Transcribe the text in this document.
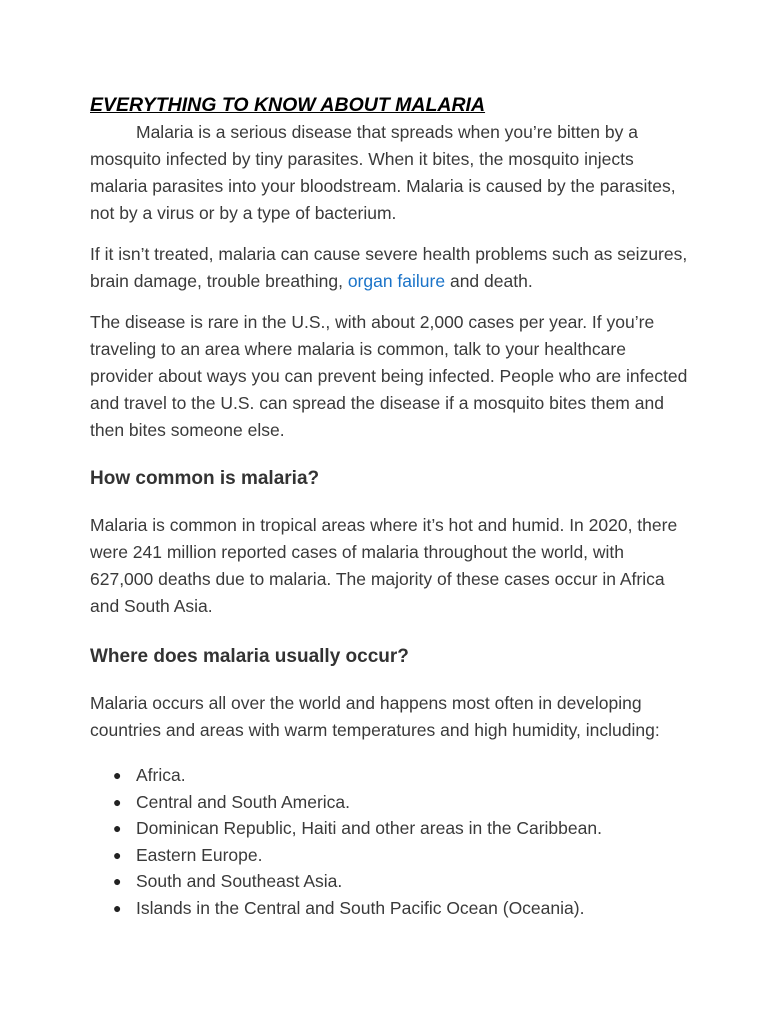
EVERYTHING TO KNOW ABOUT MALARIA

Malaria is a serious disease that spreads when you’re bitten by a mosquito infected by tiny parasites. When it bites, the mosquito injects malaria parasites into your bloodstream. Malaria is caused by the parasites, not by a virus or by a type of bacterium.

If it isn’t treated, malaria can cause severe health problems such as seizures, brain damage, trouble breathing, organ failure and death.

The disease is rare in the U.S., with about 2,000 cases per year. If you’re traveling to an area where malaria is common, talk to your healthcare provider about ways you can prevent being infected. People who are infected and travel to the U.S. can spread the disease if a mosquito bites them and then bites someone else.

How common is malaria?

Malaria is common in tropical areas where it’s hot and humid. In 2020, there were 241 million reported cases of malaria throughout the world, with 627,000 deaths due to malaria. The majority of these cases occur in Africa and South Asia.

Where does malaria usually occur?

Malaria occurs all over the world and happens most often in developing countries and areas with warm temperatures and high humidity, including:

● Africa.
● Central and South America.
● Dominican Republic, Haiti and other areas in the Caribbean.
● Eastern Europe.
● South and Southeast Asia.
● Islands in the Central and South Pacific Ocean (Oceania).
